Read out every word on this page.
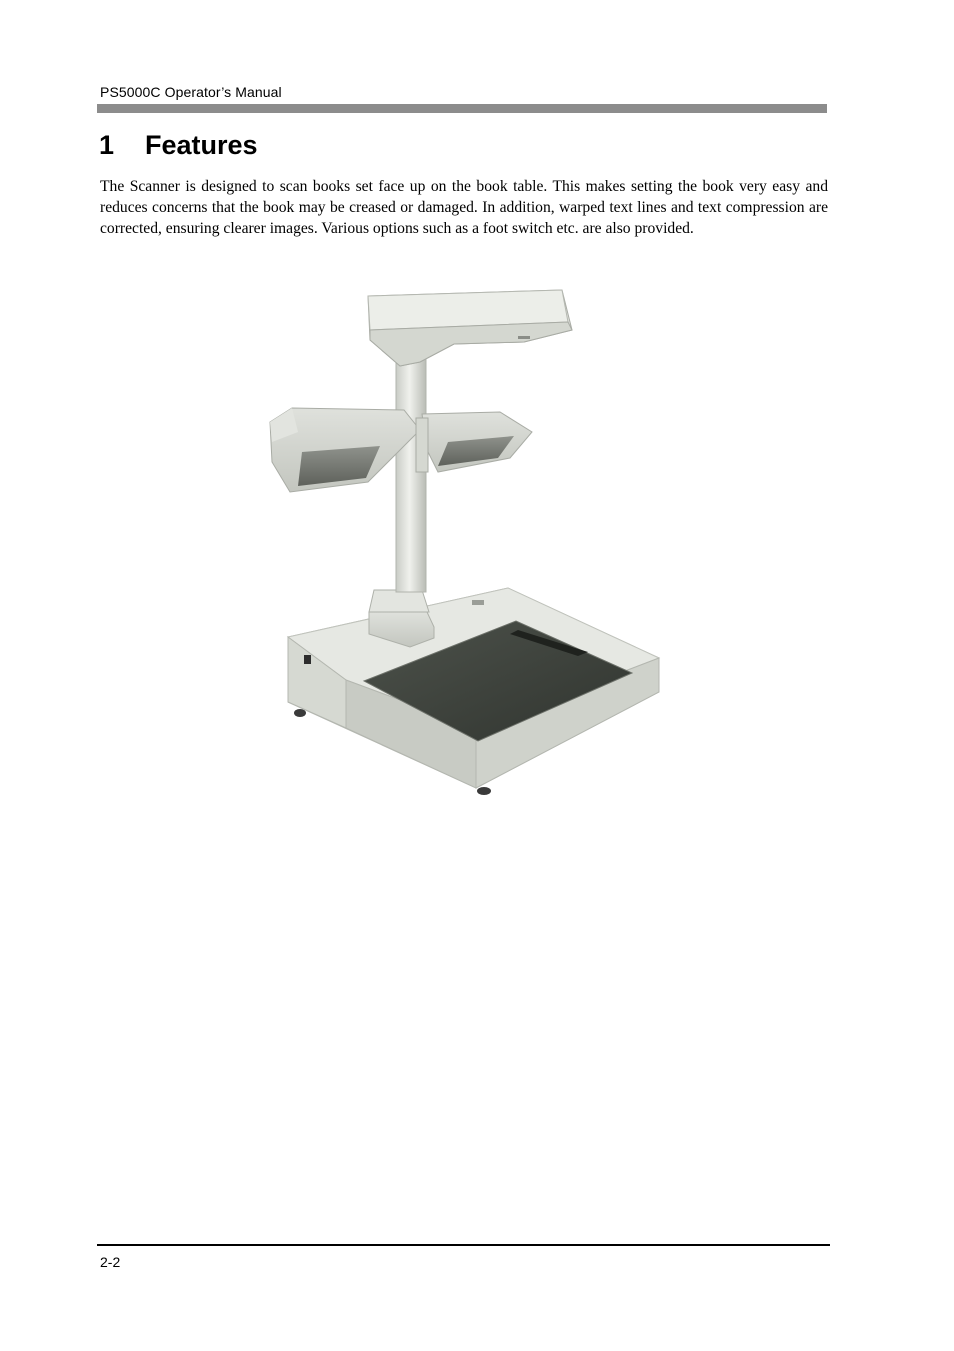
PS5000C Operator’s Manual
1	Features

The Scanner is designed to scan books set face up on the book table. This makes setting the book very easy and reduces concerns that the book may be creased or damaged. In addition, warped text lines and text compression are corrected, ensuring clearer images. Various options such as a foot switch etc. are also provided.

2-2
